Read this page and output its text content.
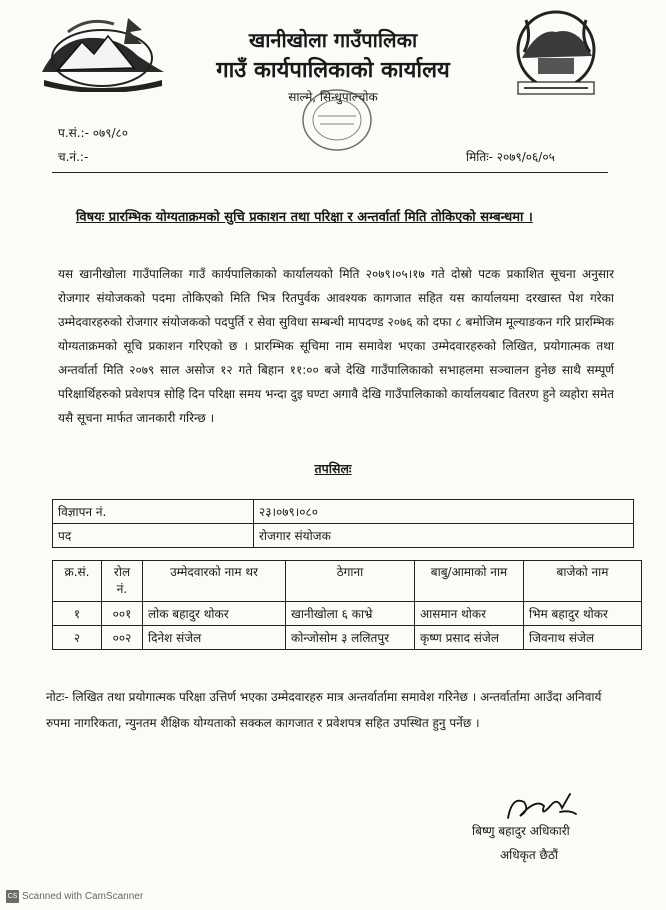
खानीखोला गाउँपालिका
गाउँ कार्यपालिकाको कार्यालय
साल्मे, सिन्धुपाल्चोक
प.सं.:- ०७९/८०
च.नं.:-	मितिः- २०७९/०६/०५
विषयः प्रारम्भिक योग्यताक्रमको सुचि प्रकाशन तथा परिक्षा र अन्तर्वार्ता मिति तोकिएको सम्बन्धमा ।
यस खानीखोला गाउँपालिका गाउँ कार्यपालिकाको कार्यालयको मिति २०७९।०५।१७ गते दोस्रो पटक प्रकाशित सूचना अनुसार रोजगार संयोजकको पदमा तोकिएको मिति भित्र रितपुर्वक आवश्यक कागजात सहित यस कार्यालयमा दरखास्त पेश गरेका उम्मेदवारहरुको रोजगार संयोजकको पदपुर्ति र सेवा सुविधा सम्बन्धी मापदण्ड २०७६ को दफा ८ बमोजिम मूल्याङकन गरि प्रारम्भिक योग्यताक्रमको सूचि प्रकाशन गरिएको छ । प्रारम्भिक सूचिमा नाम समावेश भएका उम्मेदवारहरुको लिखित, प्रयोगात्मक तथा अन्तर्वार्ता मिति २०७९ साल असोज १२ गते बिहान ११:०० बजे देखि गाउँपालिकाको सभाहलमा सञ्चालन हुनेछ साथै सम्पूर्ण परिक्षार्थिहरुको प्रवेशपत्र सोहि दिन परिक्षा समय भन्दा दुइ घण्टा अगावै देखि गाउँपालिकाको कार्यालयबाट वितरण हुने व्यहोरा समेत यसै सूचना मार्फत जानकारी गरिन्छ ।
तपसिलः
विज्ञापन नं.	२३।०७९।०८०
पद	रोजगार संयोजक
क्र.सं.	रोल नं.	उम्मेदवारको नाम थर	ठेगाना	बाबु/आमाको नाम	बाजेको नाम
१	००१	लोक बहादुर थोकर	खानीखोला ६ काभ्रे	आसमान थोकर	भिम बहादुर थोकर
२	००२	दिनेश संजेल	कोन्जोसोम ३ ललितपुर	कृष्ण प्रसाद संजेल	जिवनाथ संजेल
नोटः- लिखित तथा प्रयोगात्मक परिक्षा उत्तिर्ण भएका उम्मेदवारहरु मात्र अन्तर्वार्तामा समावेश गरिनेछ । अन्तर्वार्तामा आउँदा अनिवार्य रुपमा नागरिकता, न्युनतम शैक्षिक योग्यताको सक्कल कागजात र प्रवेशपत्र सहित उपस्थित हुनु पर्नेछ ।
बिष्णु बहादुर अधिकारी
अधिकृत छैठौं
CS Scanned with CamScanner
